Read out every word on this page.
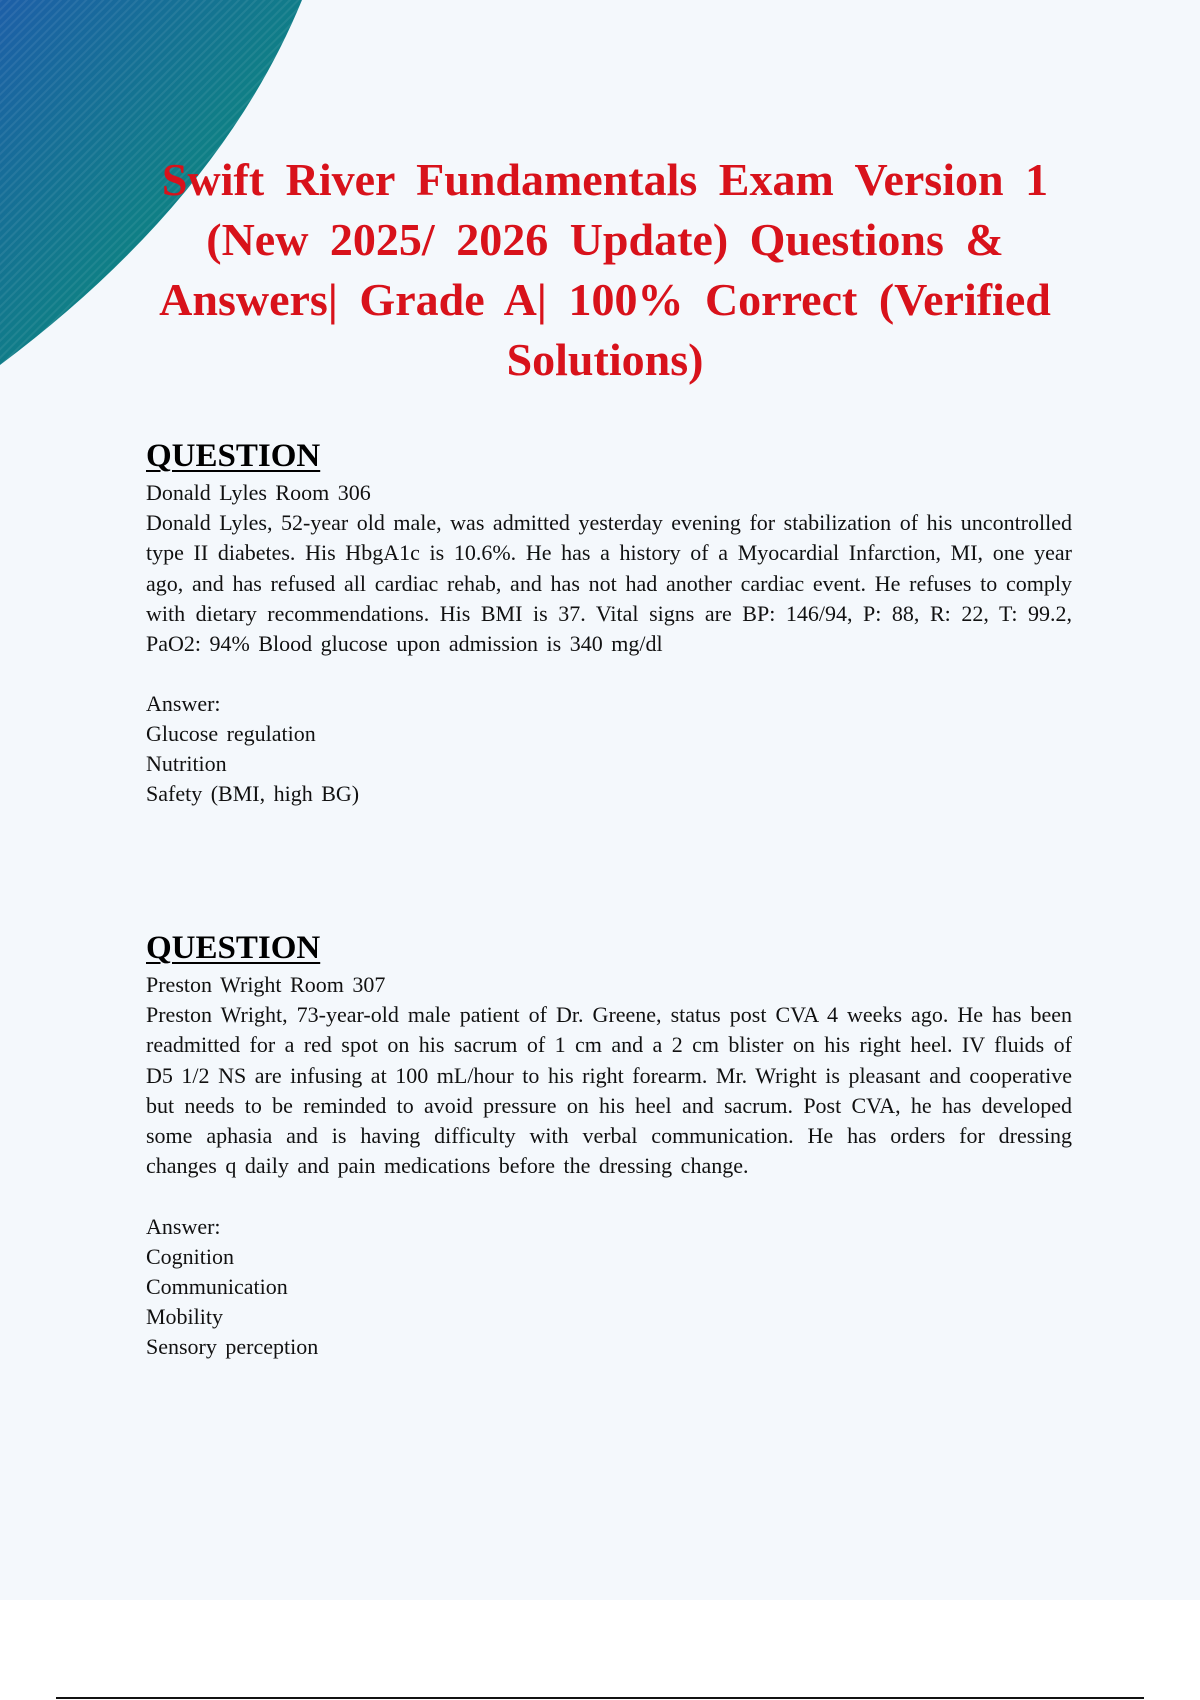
Swift River Fundamentals Exam Version 1 (New 2025/ 2026 Update) Questions & Answers| Grade A| 100% Correct (Verified Solutions)
QUESTION

Donald Lyles Room 306

Donald Lyles, 52-year old male, was admitted yesterday evening for stabilization of his uncontrolled type II diabetes. His HbgA1c is 10.6%. He has a history of a Myocardial Infarction, MI, one year ago, and has refused all cardiac rehab, and has not had another cardiac event. He refuses to comply with dietary recommendations. His BMI is 37. Vital signs are BP: 146/94, P: 88, R: 22, T: 99.2, PaO2: 94% Blood glucose upon admission is 340 mg/dl

Answer:

Glucose regulation

Nutrition

Safety (BMI, high BG)

QUESTION

Preston Wright Room 307

Preston Wright, 73-year-old male patient of Dr. Greene, status post CVA 4 weeks ago. He has been readmitted for a red spot on his sacrum of 1 cm and a 2 cm blister on his right heel. IV fluids of D5 1/2 NS are infusing at 100 mL/hour to his right forearm. Mr. Wright is pleasant and cooperative but needs to be reminded to avoid pressure on his heel and sacrum. Post CVA, he has developed some aphasia and is having difficulty with verbal communication. He has orders for dressing changes q daily and pain medications before the dressing change.

Answer:

Cognition

Communication

Mobility

Sensory perception
